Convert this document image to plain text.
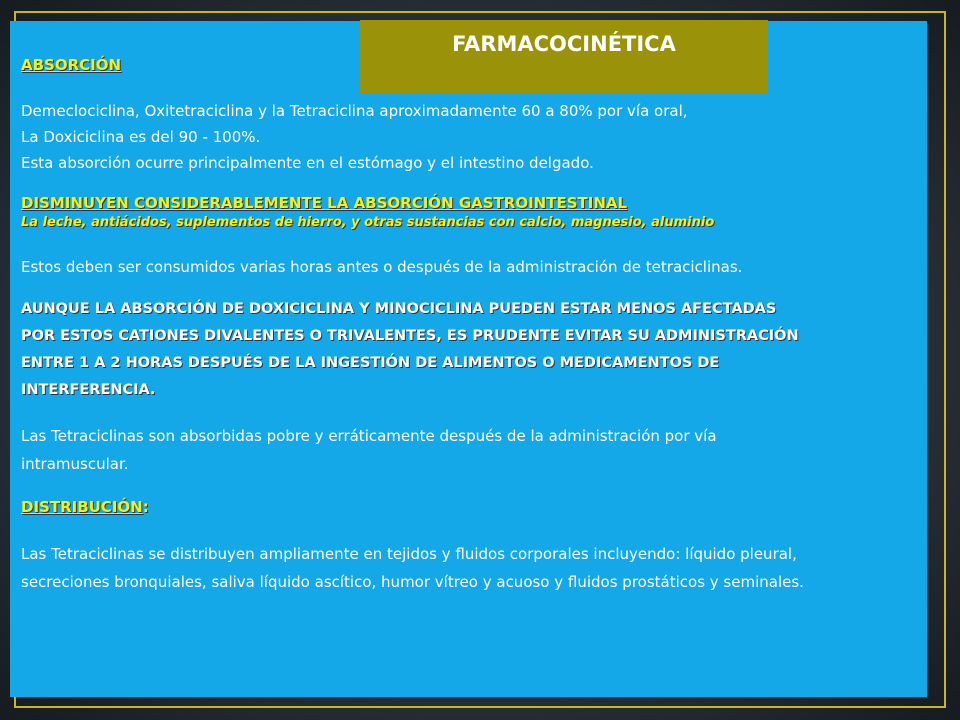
FARMACOCINÉTICA

ABSORCIÓN

Demeclociclina, Oxitetraciclina y la Tetraciclina aproximadamente 60 a 80% por vía oral,

La Doxiciclina es del 90 - 100%.

Esta absorción ocurre principalmente en el estómago y el intestino delgado.

DISMINUYEN CONSIDERABLEMENTE LA ABSORCIÓN GASTROINTESTINAL

La leche, antiácidos, suplementos de hierro, y otras sustancias con calcio, magnesio, aluminio

Estos deben ser consumidos varias horas antes o después de la administración de tetraciclinas.

AUNQUE LA ABSORCIÓN DE DOXICICLINA Y MINOCICLINA PUEDEN ESTAR MENOS AFECTADAS

POR ESTOS CATIONES DIVALENTES O TRIVALENTES, ES PRUDENTE EVITAR SU ADMINISTRACIÓN

ENTRE 1 A 2 HORAS DESPUÉS DE LA INGESTIÓN DE ALIMENTOS O MEDICAMENTOS DE

INTERFERENCIA.

Las Tetraciclinas son absorbidas pobre y erráticamente después de la administración por vía

intramuscular.

DISTRIBUCIÓN:

Las Tetraciclinas se distribuyen ampliamente en tejidos y fluidos corporales incluyendo: líquido pleural,

secreciones bronquiales, saliva líquido ascítico, humor vítreo y acuoso y fluidos prostáticos y seminales.
